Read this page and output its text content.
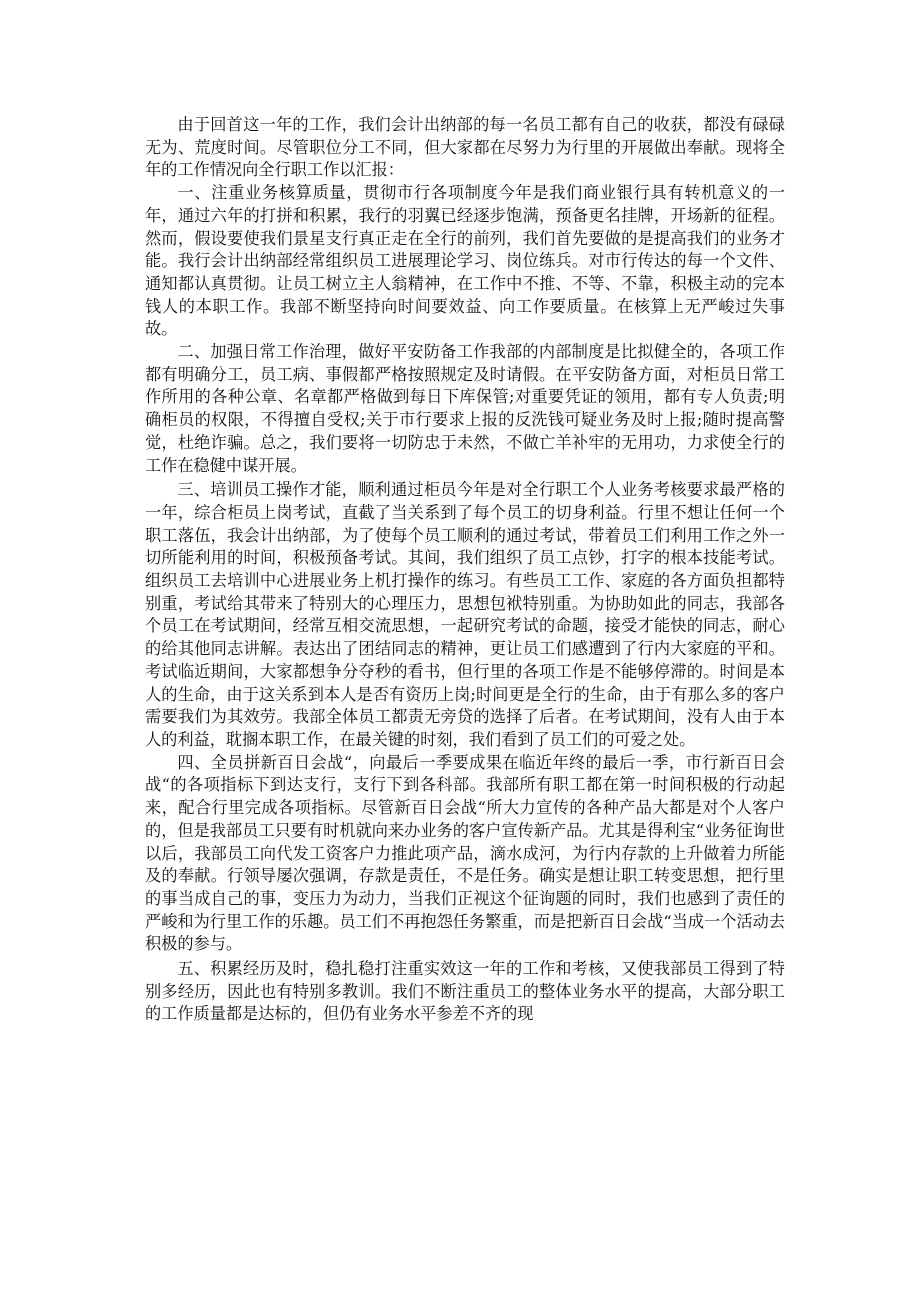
由于回首这一年的工作，我们会计出纳部的每一名员工都有自己的收获，都没有碌碌无为、荒度时间。尽管职位分工不同，但大家都在尽努力为行里的开展做出奉献。现将全年的工作情况向全行职工作以汇报：

一、注重业务核算质量，贯彻市行各项制度今年是我们商业银行具有转机意义的一年，通过六年的打拼和积累，我行的羽翼已经逐步饱满，预备更名挂牌，开场新的征程。然而，假设要使我们景星支行真正走在全行的前列，我们首先要做的是提高我们的业务才能。我行会计出纳部经常组织员工进展理论学习、岗位练兵。对市行传达的每一个文件、通知都认真贯彻。让员工树立主人翁精神，在工作中不推、不等、不靠，积极主动的完本钱人的本职工作。我部不断坚持向时间要效益、向工作要质量。在核算上无严峻过失事故。

二、加强日常工作治理，做好平安防备工作我部的内部制度是比拟健全的，各项工作都有明确分工，员工病、事假都严格按照规定及时请假。在平安防备方面，对柜员日常工作所用的各种公章、名章都严格做到每日下库保管;对重要凭证的领用，都有专人负责;明确柜员的权限，不得擅自受权;关于市行要求上报的反洗钱可疑业务及时上报;随时提高警觉，杜绝诈骗。总之，我们要将一切防忠于未然，不做亡羊补牢的无用功，力求使全行的工作在稳健中谋开展。

三、培训员工操作才能，顺利通过柜员今年是对全行职工个人业务考核要求最严格的一年，综合柜员上岗考试，直截了当关系到了每个员工的切身利益。行里不想让任何一个职工落伍，我会计出纳部，为了使每个员工顺利的通过考试，带着员工们利用工作之外一切所能利用的时间，积极预备考试。其间，我们组织了员工点钞，打字的根本技能考试。组织员工去培训中心进展业务上机打操作的练习。有些员工工作、家庭的各方面负担都特别重，考试给其带来了特别大的心理压力，思想包袱特别重。为协助如此的同志，我部各个员工在考试期间，经常互相交流思想，一起研究考试的命题，接受才能快的同志，耐心的给其他同志讲解。表达出了团结同志的精神，更让员工们感遭到了行内大家庭的平和。考试临近期间，大家都想争分夺秒的看书，但行里的各项工作是不能够停滞的。时间是本人的生命，由于这关系到本人是否有资历上岗;时间更是全行的生命，由于有那么多的客户需要我们为其效劳。我部全体员工都责无旁贷的选择了后者。在考试期间，没有人由于本人的利益，耽搁本职工作，在最关键的时刻，我们看到了员工们的可爱之处。

四、全员拼新百日会战“，向最后一季要成果在临近年终的最后一季，市行新百日会战“的各项指标下到达支行，支行下到各科部。我部所有职工都在第一时间积极的行动起来，配合行里完成各项指标。尽管新百日会战“所大力宣传的各种产品大都是对个人客户的，但是我部员工只要有时机就向来办业务的客户宣传新产品。尤其是得利宝“业务征询世以后，我部员工向代发工资客户力推此项产品，滴水成河，为行内存款的上升做着力所能及的奉献。行领导屡次强调，存款是责任，不是任务。确实是想让职工转变思想，把行里的事当成自己的事，变压力为动力，当我们正视这个征询题的同时，我们也感到了责任的严峻和为行里工作的乐趣。员工们不再抱怨任务繁重，而是把新百日会战“当成一个活动去积极的参与。

五、积累经历及时，稳扎稳打注重实效这一年的工作和考核，又使我部员工得到了特别多经历，因此也有特别多教训。我们不断注重员工的整体业务水平的提高，大部分职工的工作质量都是达标的，但仍有业务水平参差不齐的现
